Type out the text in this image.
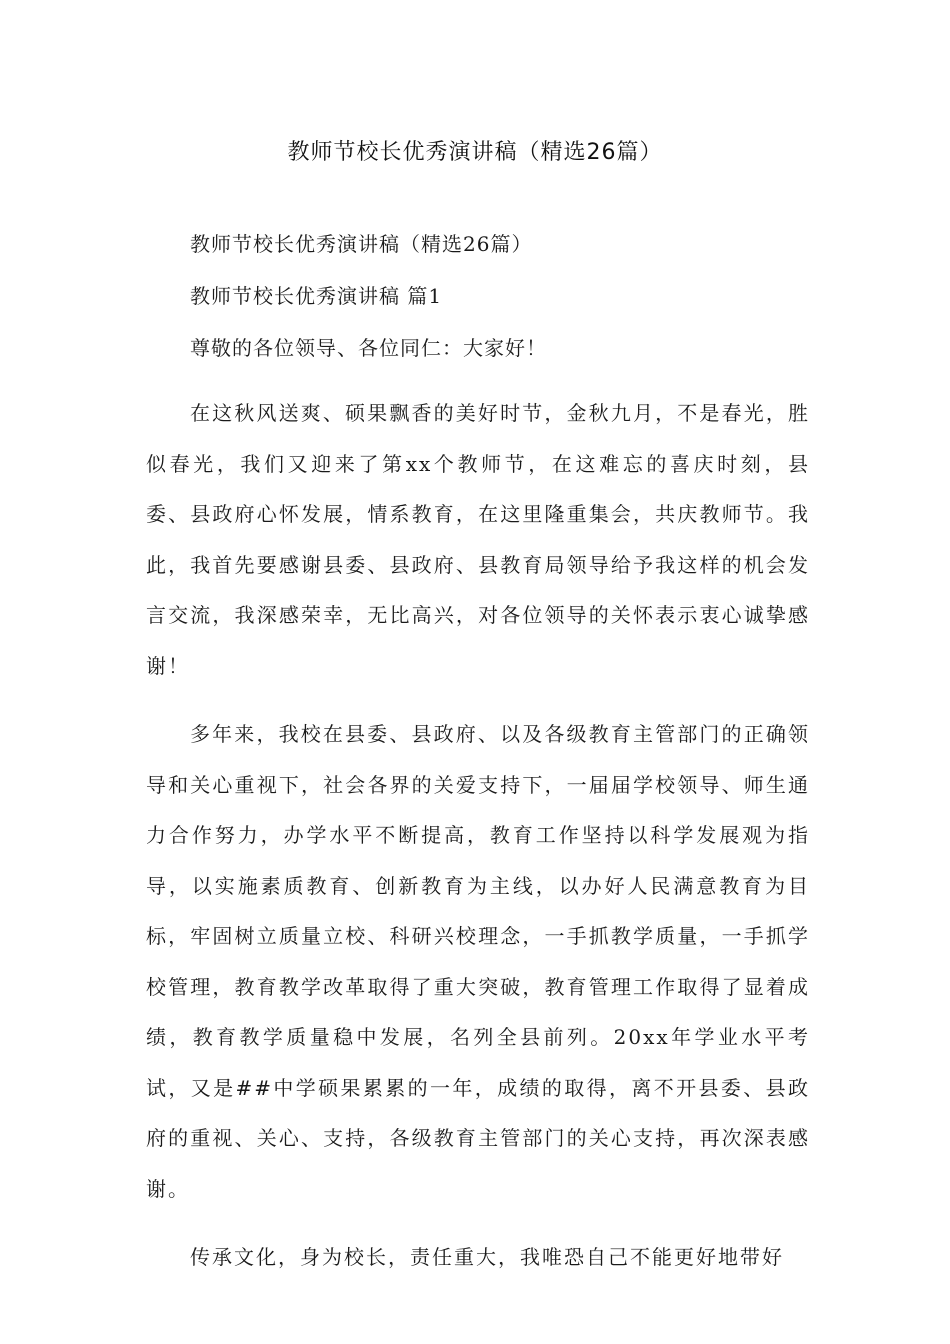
教师节校长优秀演讲稿（精选26篇）
教师节校长优秀演讲稿（精选26篇）
教师节校长优秀演讲稿 篇1
尊敬的各位领导、各位同仁：大家好！

在这秋风送爽、硕果飘香的美好时节，金秋九月，不是春光，胜似春光，我们又迎来了第xx个教师节，在这难忘的喜庆时刻，县委、县政府心怀发展，情系教育，在这里隆重集会，共庆教师节。我此，我首先要感谢县委、县政府、县教育局领导给予我这样的机会发言交流，我深感荣幸，无比高兴，对各位领导的关怀表示衷心诚挚感谢！

多年来，我校在县委、县政府、以及各级教育主管部门的正确领导和关心重视下，社会各界的关爱支持下，一届届学校领导、师生通力合作努力，办学水平不断提高，教育工作坚持以科学发展观为指导，以实施素质教育、创新教育为主线，以办好人民满意教育为目标，牢固树立质量立校、科研兴校理念，一手抓教学质量，一手抓学校管理，教育教学改革取得了重大突破，教育管理工作取得了显着成绩，教育教学质量稳中发展，名列全县前列。20xx年学业水平考试，又是##中学硕果累累的一年，成绩的取得，离不开县委、县政府的重视、关心、支持，各级教育主管部门的关心支持，再次深表感谢。

传承文化，身为校长，责任重大，我唯恐自己不能更好地带好
